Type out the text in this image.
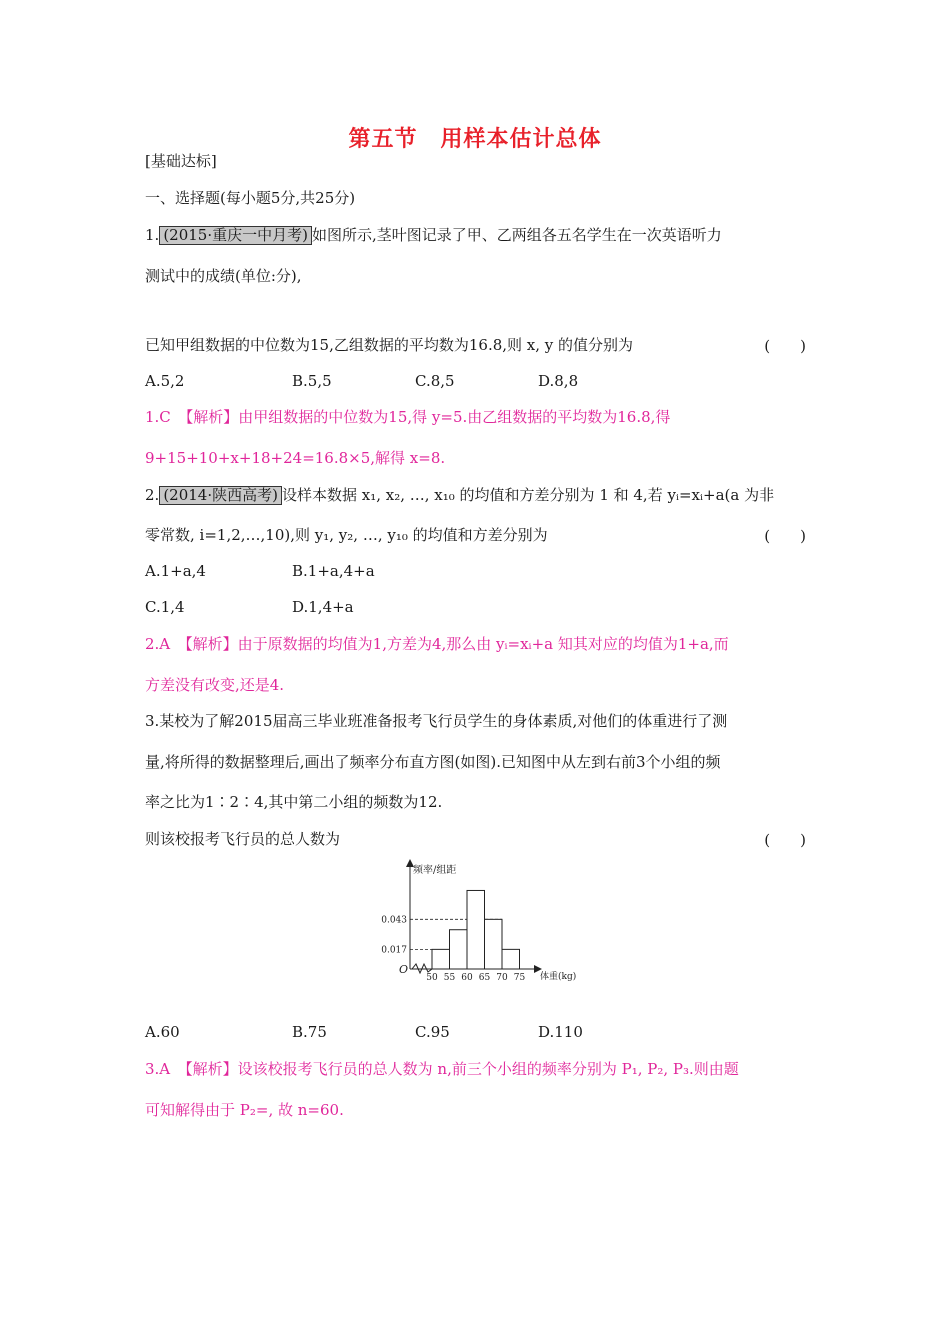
第五节　用样本估计总体
[基础达标]
一、选择题(每小题5分,共25分)
1. (2015·重庆一中月考) 如图所示,茎叶图记录了甲、乙两组各五名学生在一次英语听力
测试中的成绩(单位:分),
已知甲组数据的中位数为15,乙组数据的平均数为16.8,则 x, y 的值分别为	(　　)
A.5,2	B.5,5	C.8,5	D.8,8
1.C　【解析】由甲组数据的中位数为15,得 y=5.由乙组数据的平均数为16.8,得
9+15+10+x+18+24=16.8×5,解得 x=8.
2. (2014·陕西高考) 设样本数据 x₁, x₂, …, x₁₀ 的均值和方差分别为 1 和 4,若 yᵢ=xᵢ+a(a 为非
零常数, i=1,2,…,10),则 y₁, y₂, …, y₁₀ 的均值和方差分别为	(　　)
A.1+a,4	B.1+a,4+a
C.1,4	D.1,4+a
2.A　【解析】由于原数据的均值为1,方差为4,那么由 yᵢ=xᵢ+a 知其对应的均值为1+a,而
方差没有改变,还是4.
3.某校为了解2015届高三毕业班准备报考飞行员学生的身体素质,对他们的体重进行了测
量,将所得的数据整理后,画出了频率分布直方图(如图).已知图中从左到右前3个小组的频
率之比为1∶2∶4,其中第二小组的频数为12.
则该校报考飞行员的总人数为	(　　)
0.017
0.043
50 55 60 65 70 75
O
频率/组距
体重(kg)
A.60	B.75	C.95	D.110
3.A　【解析】设该校报考飞行员的总人数为 n,前三个小组的频率分别为 P₁, P₂, P₃.则由题
可知解得由于 P₂=, 故 n=60.
